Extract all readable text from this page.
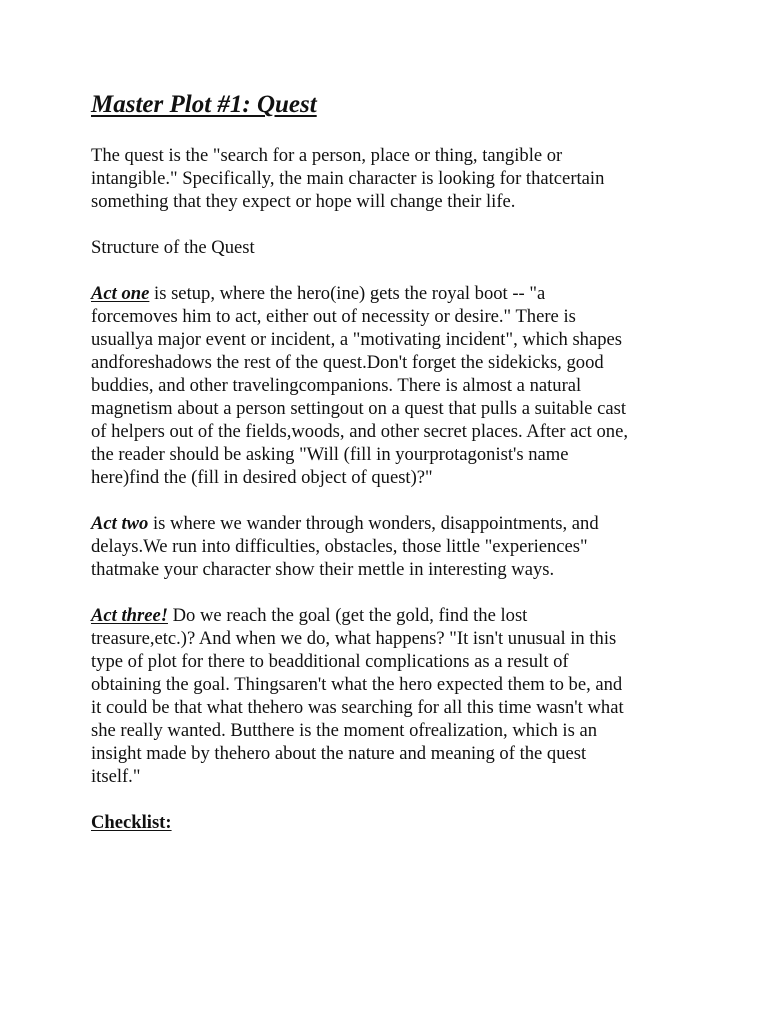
Master Plot #1: Quest
The quest is the "search for a person, place or thing, tangible or
intangible." Specifically, the main character is looking for thatcertain
something that they expect or hope will change their life.
Structure of the Quest
Act one is setup, where the hero(ine) gets the royal boot -- "a
forcemoves him to act, either out of necessity or desire." There is
usuallya major event or incident, a "motivating incident", which shapes
andforeshadows the rest of the quest.Don't forget the sidekicks, good
buddies, and other travelingcompanions. There is almost a natural
magnetism about a person settingout on a quest that pulls a suitable cast
of helpers out of the fields,woods, and other secret places. After act one,
the reader should be asking "Will (fill in yourprotagonist's name
here)find the (fill in desired object of quest)?"
Act two is where we wander through wonders, disappointments, and
delays.We run into difficulties, obstacles, those little "experiences"
thatmake your character show their mettle in interesting ways.
Act three! Do we reach the goal (get the gold, find the lost
treasure,etc.)? And when we do, what happens? "It isn't unusual in this
type of plot for there to beadditional complications as a result of
obtaining the goal. Thingsaren't what the hero expected them to be, and
it could be that what thehero was searching for all this time wasn't what
she really wanted. Butthere is the moment ofrealization, which is an
insight made by thehero about the nature and meaning of the quest
itself."
Checklist:
